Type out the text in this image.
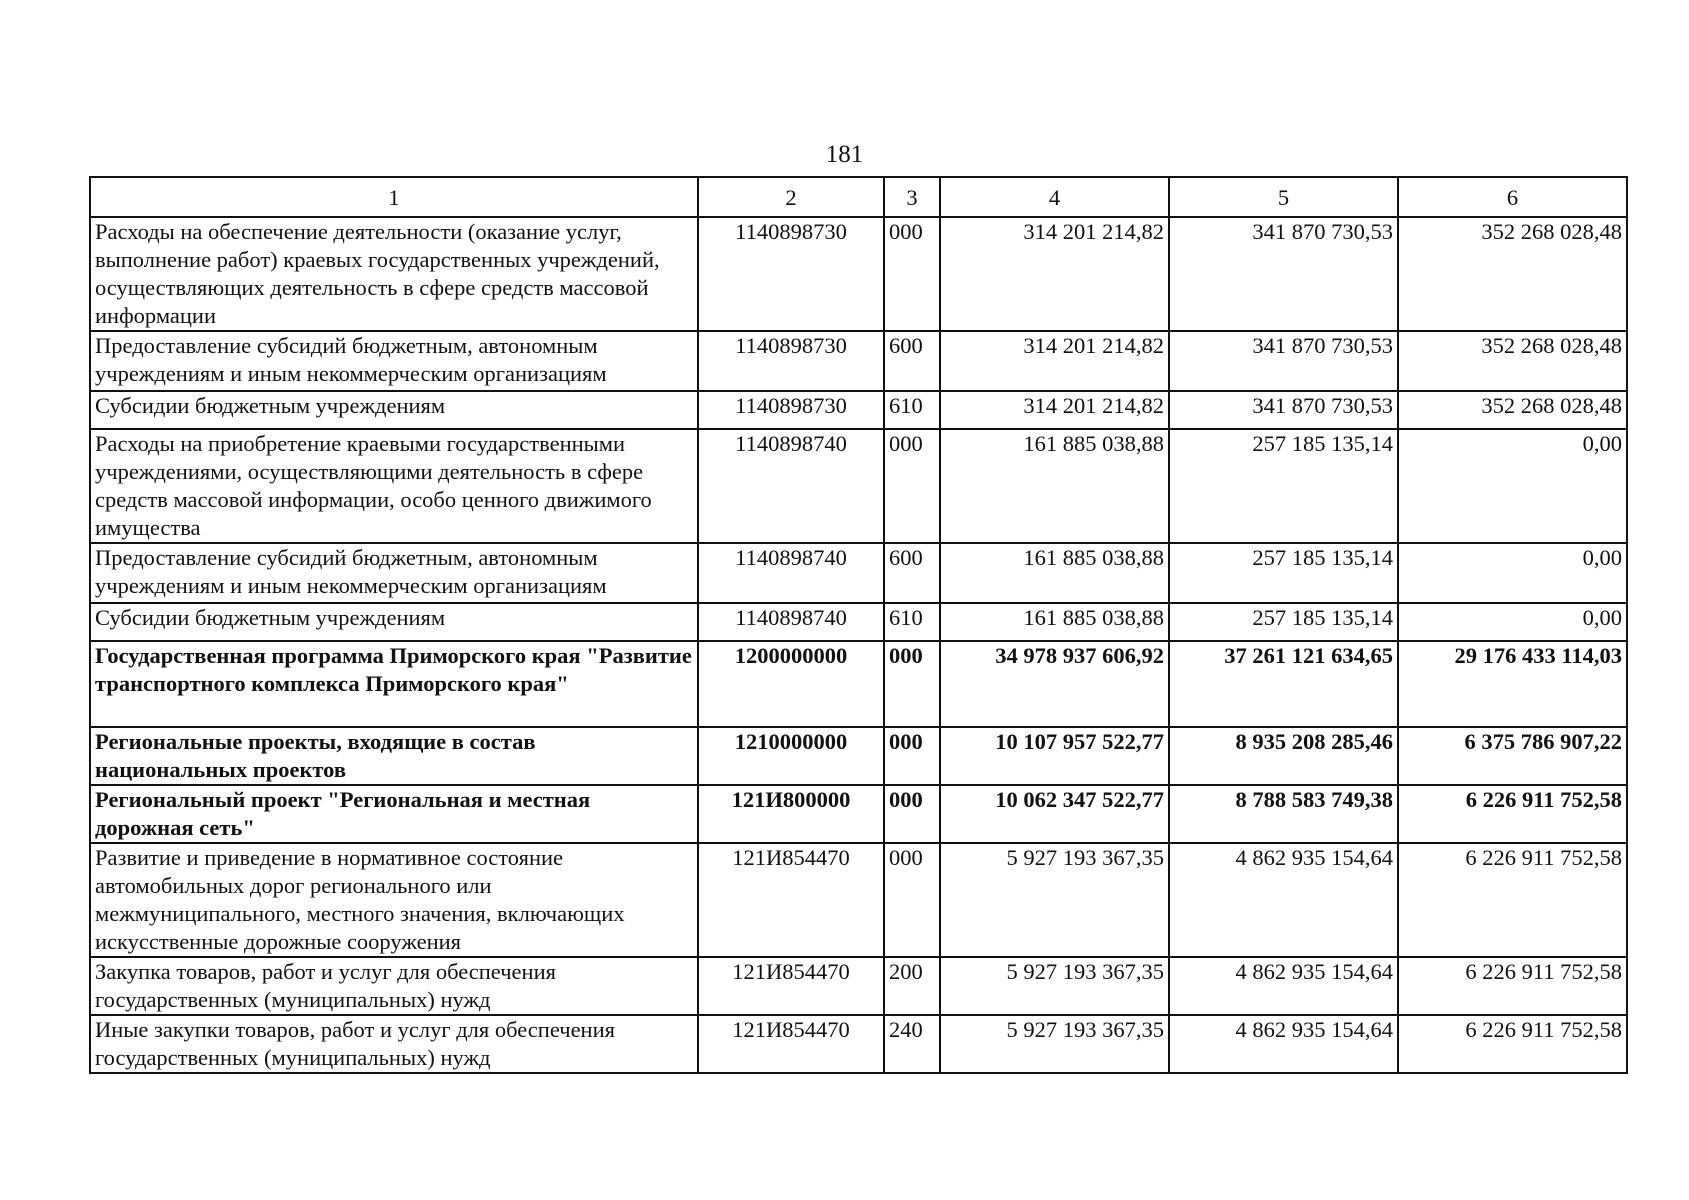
181
1	2	3	4	5	6
Расходы на обеспечение деятельности (оказание услуг, выполнение работ) краевых государственных учреждений, осуществляющих деятельность в сфере средств массовой информации	1140898730	000	314 201 214,82	341 870 730,53	352 268 028,48
Предоставление субсидий бюджетным, автономным учреждениям и иным некоммерческим организациям	1140898730	600	314 201 214,82	341 870 730,53	352 268 028,48
Субсидии бюджетным учреждениям	1140898730	610	314 201 214,82	341 870 730,53	352 268 028,48
Расходы на приобретение краевыми государственными учреждениями, осуществляющими деятельность в сфере средств массовой информации, особо ценного движимого имущества	1140898740	000	161 885 038,88	257 185 135,14	0,00
Предоставление субсидий бюджетным, автономным учреждениям и иным некоммерческим организациям	1140898740	600	161 885 038,88	257 185 135,14	0,00
Субсидии бюджетным учреждениям	1140898740	610	161 885 038,88	257 185 135,14	0,00
Государственная программа Приморского края "Развитие транспортного комплекса Приморского края"	1200000000	000	34 978 937 606,92	37 261 121 634,65	29 176 433 114,03
Региональные проекты, входящие в состав национальных проектов	1210000000	000	10 107 957 522,77	8 935 208 285,46	6 375 786 907,22
Региональный проект "Региональная и местная дорожная сеть"	121И800000	000	10 062 347 522,77	8 788 583 749,38	6 226 911 752,58
Развитие и приведение в нормативное состояние автомобильных дорог регионального или межмуниципального, местного значения, включающих искусственные дорожные сооружения	121И854470	000	5 927 193 367,35	4 862 935 154,64	6 226 911 752,58
Закупка товаров, работ и услуг для обеспечения государственных (муниципальных) нужд	121И854470	200	5 927 193 367,35	4 862 935 154,64	6 226 911 752,58
Иные закупки товаров, работ и услуг для обеспечения государственных (муниципальных) нужд	121И854470	240	5 927 193 367,35	4 862 935 154,64	6 226 911 752,58
